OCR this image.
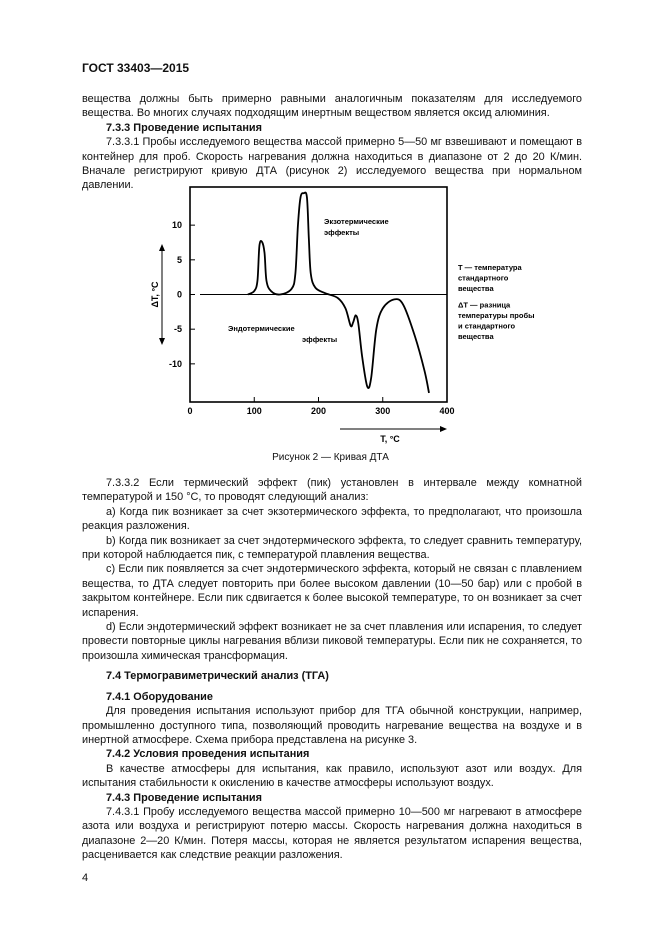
ГОСТ 33403—2015

вещества должны быть примерно равными аналогичным показателям для исследуемого вещества. Во многих случаях подходящим инертным веществом является оксид алюминия.

7.3.3 Проведение испытания

7.3.3.1 Пробы исследуемого вещества массой примерно 5—50 мг взвешивают и помещают в контейнер для проб. Скорость нагревания должна находиться в диапазоне от 2 до 20 К/мин. Вначале регистрируют кривую ДТА (рисунок 2) исследуемого вещества при нормальном давлении.

10
5
0
-5
-10
0	100	200	300	400
T, °C
ΔT, °C
Экзотермические
эффекты
Эндотермические
эффекты
T — температура
стандартного
вещества
ΔT — разница
температуры пробы
и стандартного
вещества
Рисунок 2 — Кривая ДТА

7.3.3.2 Если термический эффект (пик) установлен в интервале между комнатной температурой и 150 °C, то проводят следующий анализ:

a) Когда пик возникает за счет экзотермического эффекта, то предполагают, что произошла реакция разложения.

b) Когда пик возникает за счет эндотермического эффекта, то следует сравнить температуру, при которой наблюдается пик, с температурой плавления вещества.

c) Если пик появляется за счет эндотермического эффекта, который не связан с плавлением вещества, то ДТА следует повторить при более высоком давлении (10—50 бар) или с пробой в закрытом контейнере. Если пик сдвигается к более высокой температуре, то он возникает за счет испарения.

d) Если эндотермический эффект возникает не за счет плавления или испарения, то следует провести повторные циклы нагревания вблизи пиковой температуры. Если пик не сохраняется, то произошла химическая трансформация.

7.4 Термогравиметрический анализ (ТГА)

7.4.1 Оборудование

Для проведения испытания используют прибор для ТГА обычной конструкции, например, промышленно доступного типа, позволяющий проводить нагревание вещества на воздухе и в инертной атмосфере. Схема прибора представлена на рисунке 3.

7.4.2 Условия проведения испытания

В качестве атмосферы для испытания, как правило, используют азот или воздух. Для испытания стабильности к окислению в качестве атмосферы используют воздух.

7.4.3 Проведение испытания

7.4.3.1 Пробу исследуемого вещества массой примерно 10—500 мг нагревают в атмосфере азота или воздуха и регистрируют потерю массы. Скорость нагревания должна находиться в диапазоне 2—20 К/мин. Потеря массы, которая не является результатом испарения вещества, расценивается как следствие реакции разложения.

4
